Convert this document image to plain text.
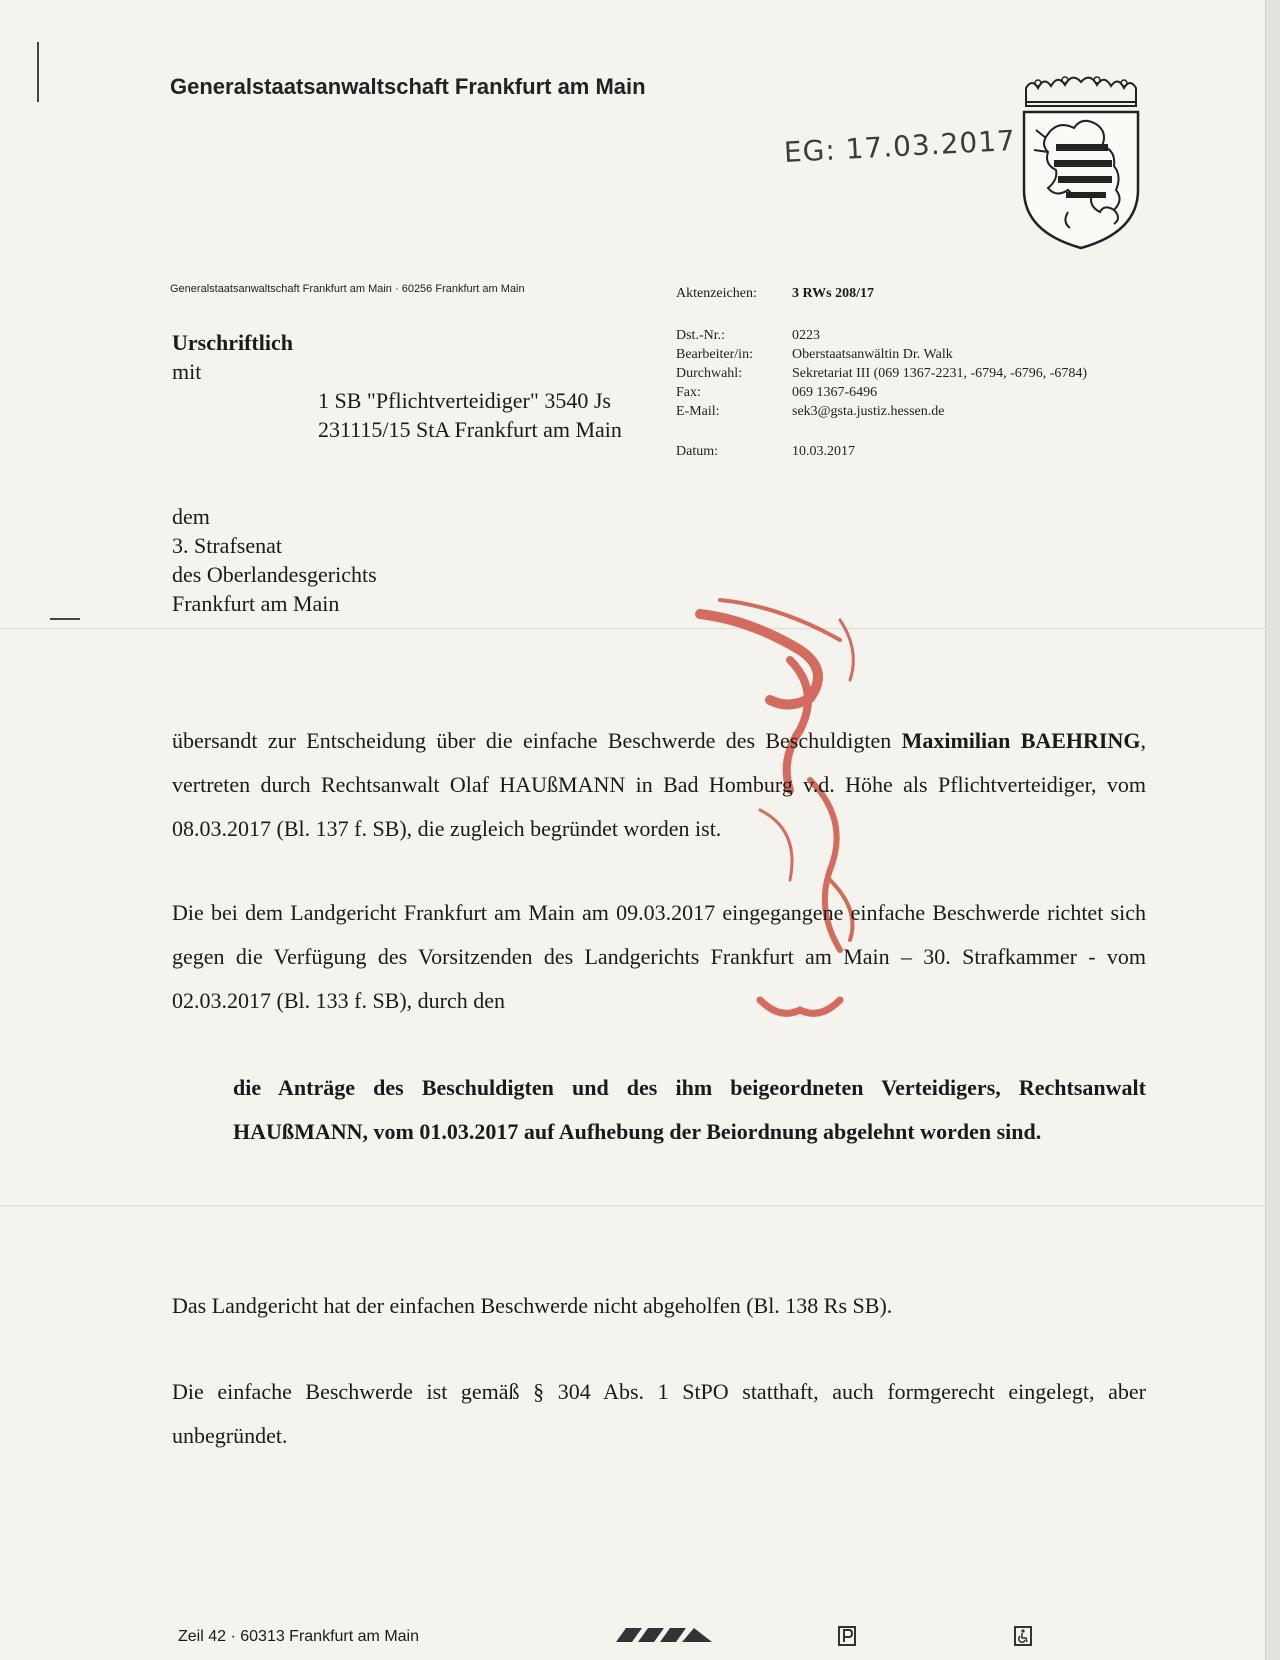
Generalstaatsanwaltschaft Frankfurt am Main
EG: 17.03.2017
Generalstaatsanwaltschaft Frankfurt am Main · 60256 Frankfurt am Main	Aktenzeichen:	3 RWs 208/17
Dst.-Nr.:	0223
Bearbeiter/in:	Oberstaatsanwältin Dr. Walk
Durchwahl:	Sekretariat III (069 1367-2231, -6794, -6796, -6784)
Fax:	069 1367-6496
E-Mail:	sek3@gsta.justiz.hessen.de
Datum:	10.03.2017
Urschriftlich
mit
1 SB "Pflichtverteidiger" 3540 Js 231115/15 StA Frankfurt am Main
dem
3. Strafsenat
des Oberlandesgerichts
Frankfurt am Main
übersandt zur Entscheidung über die einfache Beschwerde des Beschuldigten Maximilian BAEHRING, vertreten durch Rechtsanwalt Olaf HAUßMANN in Bad Homburg v.d. Höhe als Pflichtverteidiger, vom 08.03.2017 (Bl. 137 f. SB), die zugleich begründet worden ist.
Die bei dem Landgericht Frankfurt am Main am 09.03.2017 eingegangene einfache Beschwerde richtet sich gegen die Verfügung des Vorsitzenden des Landgerichts Frankfurt am Main – 30. Strafkammer - vom 02.03.2017 (Bl. 133 f. SB), durch den
die Anträge des Beschuldigten und des ihm beigeordneten Verteidigers, Rechtsanwalt HAUßMANN, vom 01.03.2017 auf Aufhebung der Beiordnung abgelehnt worden sind.
Das Landgericht hat der einfachen Beschwerde nicht abgeholfen (Bl. 138 Rs SB).
Die einfache Beschwerde ist gemäß § 304 Abs. 1 StPO statthaft, auch formgerecht eingelegt, aber unbegründet.
Zeil 42 · 60313 Frankfurt am Main
